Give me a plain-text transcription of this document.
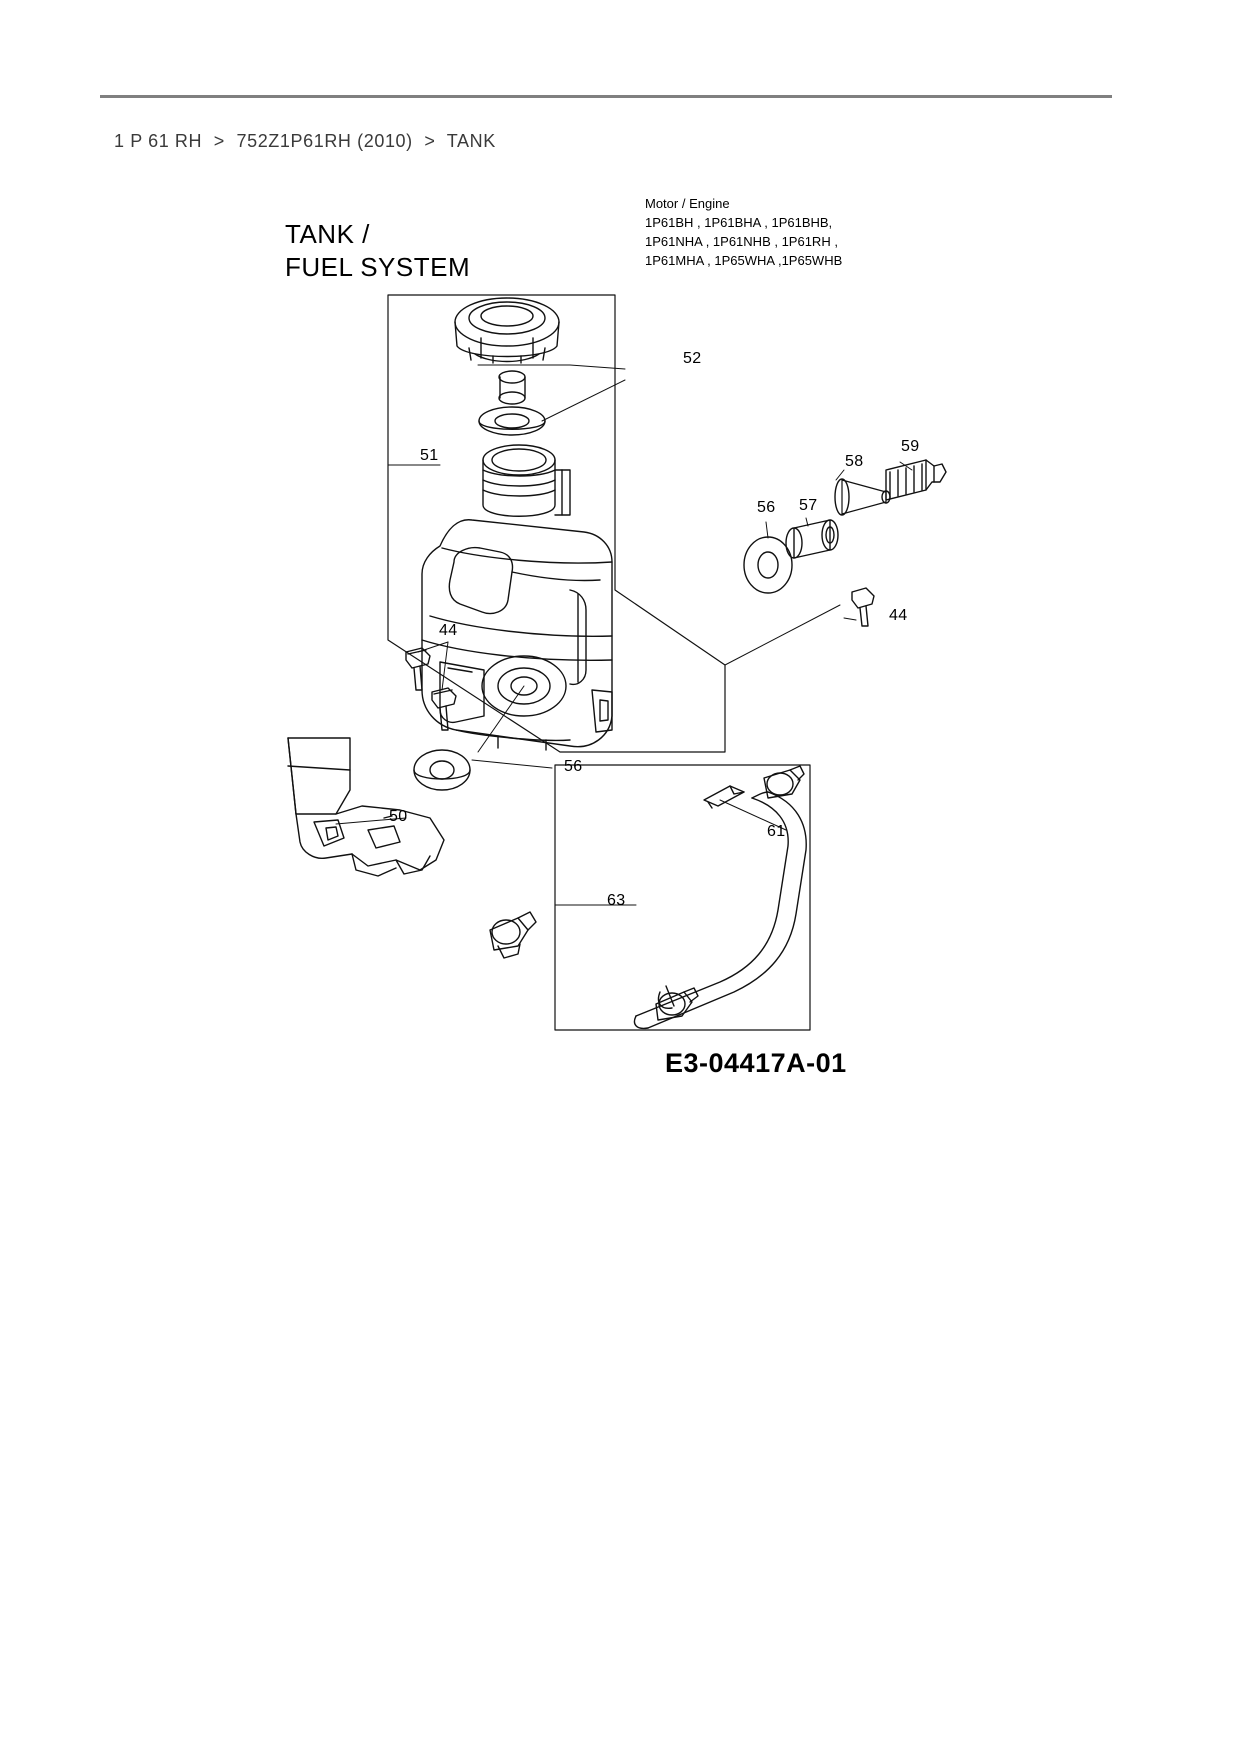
1 P 61 RH > 752Z1P61RH (2010) > TANK
TANK /
FUEL SYSTEM
Motor / Engine
1P61BH , 1P61BHA , 1P61BHB,
1P61NHA , 1P61NHB , 1P61RH ,
1P61MHA , 1P65WHA ,1P65WHB
E3-04417A-01
52
51
59
58
57
56
44
44
56
50
61
63
